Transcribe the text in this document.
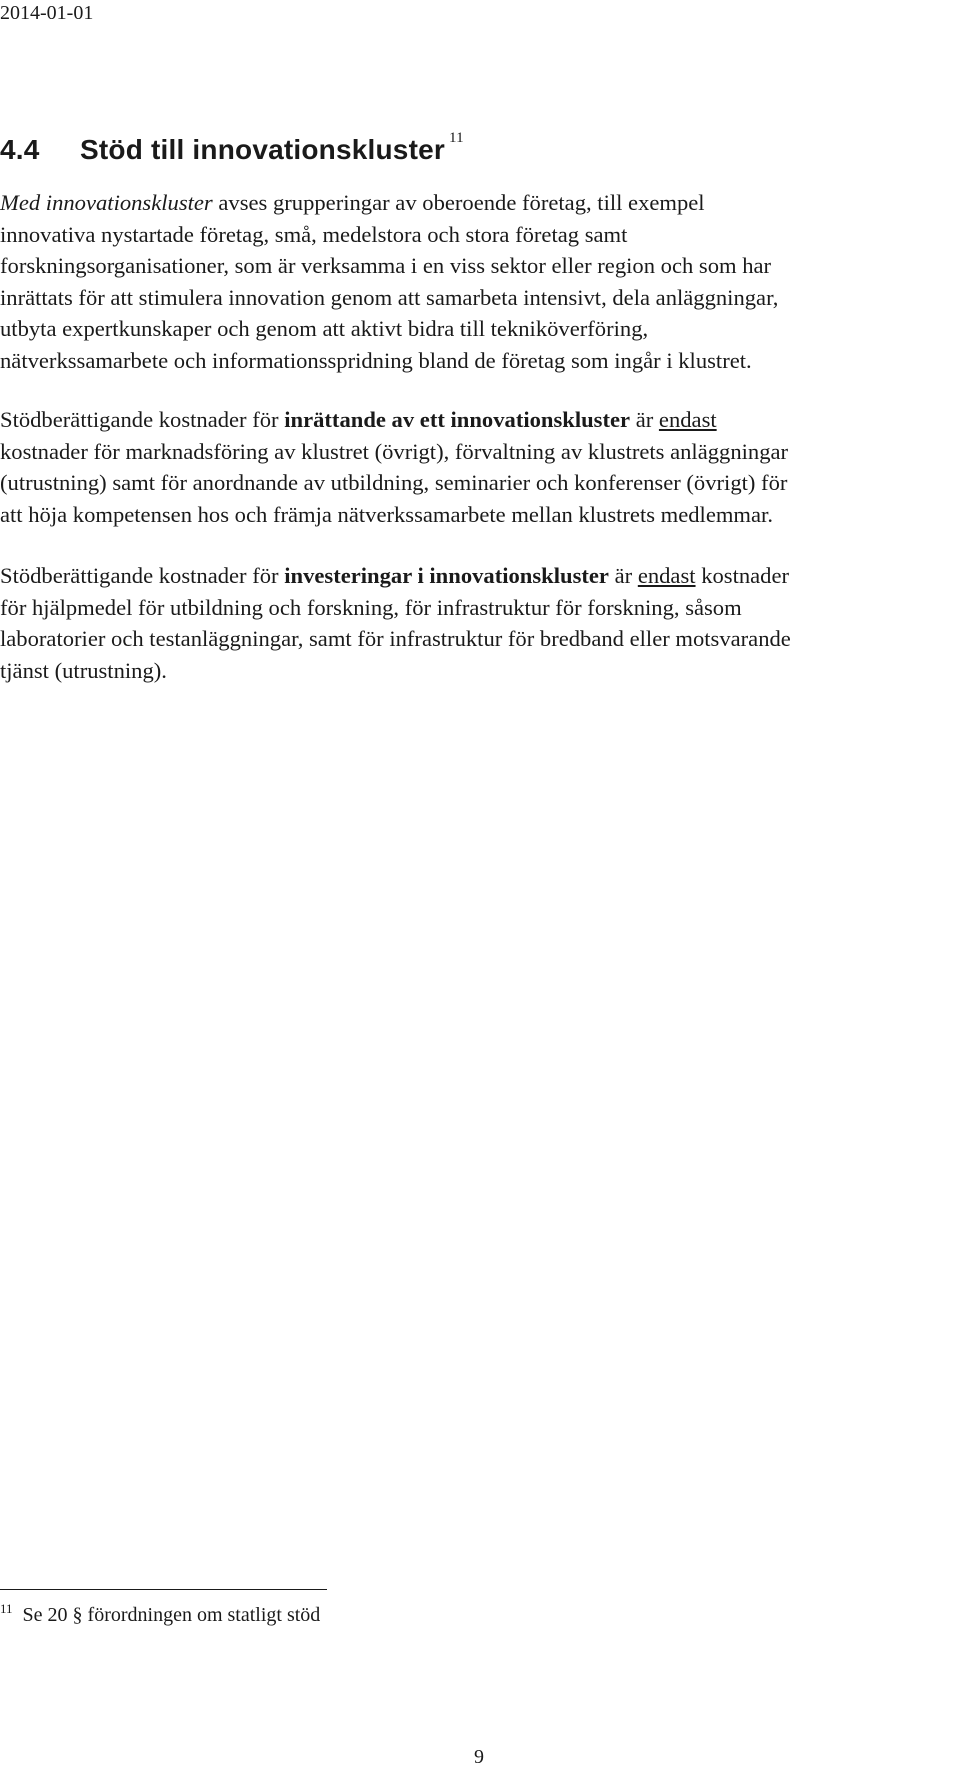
2014-01-01
4.4 Stöd till innovationskluster $^{11}$
Med innovationskluster avses grupperingar av oberoende företag, till exempel
innovativa nystartade företag, små, medelstora och stora företag samt
forskningsorganisationer, som är verksamma i en viss sektor eller region och som har
inrättats för att stimulera innovation genom att samarbeta intensivt, dela anläggningar,
utbyta expertkunskaper och genom att aktivt bidra till tekniköverföring,
nätverkssamarbete och informationsspridning bland de företag som ingår i klustret.
Stödberättigande kostnader för inrättande av ett innovationskluster är endast
kostnader för marknadsföring av klustret (övrigt), förvaltning av klustrets anläggningar
(utrustning) samt för anordnande av utbildning, seminarier och konferenser (övrigt) för
att höja kompetensen hos och främja nätverkssamarbete mellan klustrets medlemmar.
Stödberättigande kostnader för investeringar i innovationskluster är endast kostnader
för hjälpmedel för utbildning och forskning, för infrastruktur för forskning, såsom
laboratorier och testanläggningar, samt för infrastruktur för bredband eller motsvarande
tjänst (utrustning).
$^{11}$ Se 20 § förordningen om statligt stöd
9
